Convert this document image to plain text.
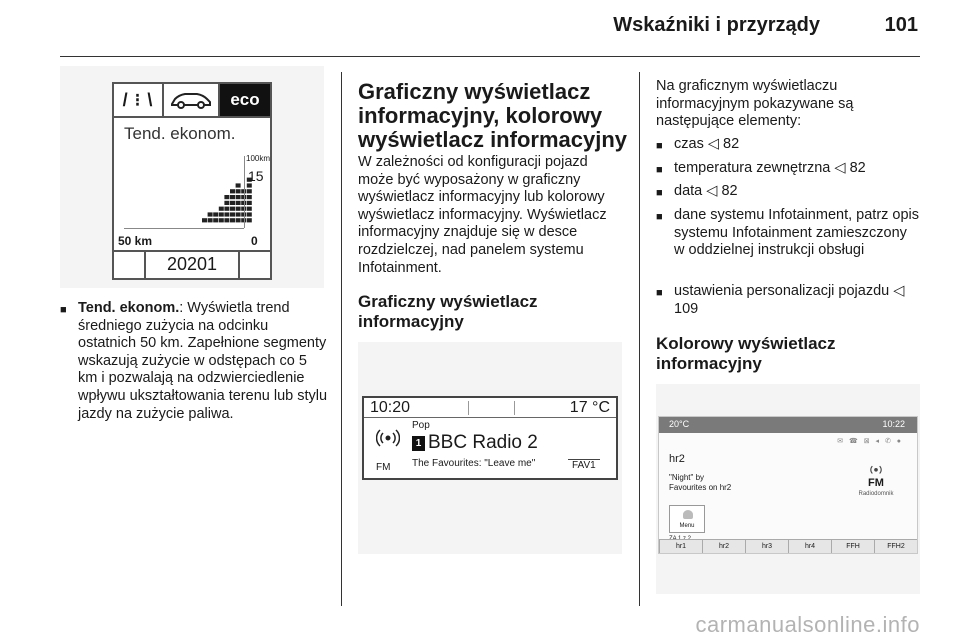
Wskaźniki i przyrządy	101
/ ⁝ \	eco
Tend. ekonom.
100km
15
50 km	0
20201
■ Tend. ekonom.: Wyświetla trend średniego zużycia na odcinku ostatnich 50 km. Zapełnione segmenty wskazują zużycie w odstępach co 5 km i pozwalają na odzwierciedlenie wpływu ukształtowania terenu lub stylu jazdy na zużycie paliwa.
Graficzny wyświetlacz informacyjny, kolorowy wyświetlacz informacyjny
W zależności od konfiguracji pojazd może być wyposażony w graficzny wyświetlacz informacyjny lub kolorowy wyświetlacz informacyjny. Wyświetlacz informacyjny znajduje się w desce rozdzielczej, nad panelem systemu Infotainment.
Graficzny wyświetlacz informacyjny
10:20	17 °C
FM
Pop
1 BBC Radio 2
The Favourites: "Leave me"	FAV1
Na graficznym wyświetlaczu informacyjnym pokazywane są następujące elementy:
■ czas ◁ 82
■ temperatura zewnętrzna ◁ 82
■ data ◁ 82
■ dane systemu Infotainment, patrz opis systemu Infotainment zamieszczony w oddzielnej instrukcji obsługi
■ ustawienia personalizacji pojazdu ◁ 109
Kolorowy wyświetlacz informacyjny
20°C	10:22
✉ ☎ ⊠ ◂ ✆ ●
hr2
"Night" by
Favourites on hr2	FM
Radiodomnik
Menu
hr1	hr2	hr3	hr4	FFH	FFH2
carmanualsonline.info
